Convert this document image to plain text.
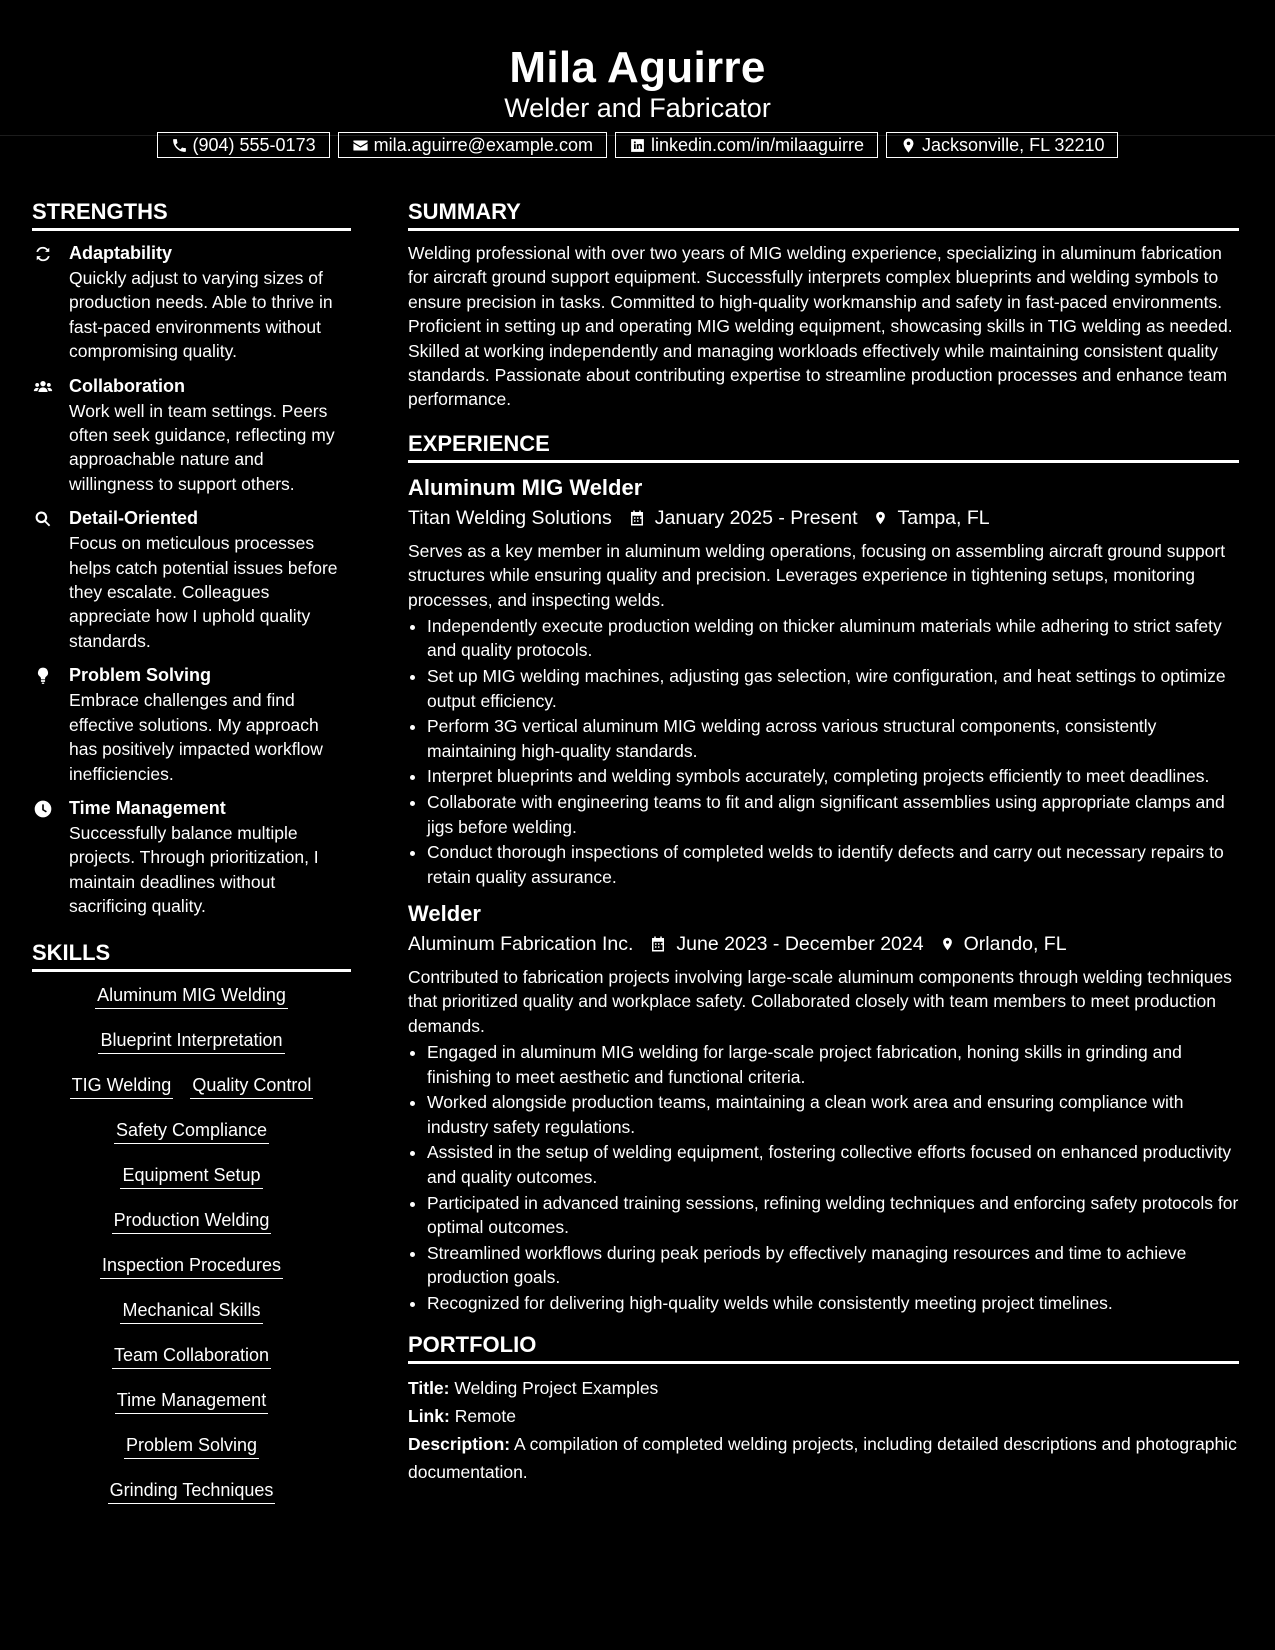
Mila Aguirre
Welder and Fabricator
(904) 555-0173	mila.aguirre@example.com	linkedin.com/in/milaaguirre	Jacksonville, FL 32210
STRENGTHS
Adaptability
Quickly adjust to varying sizes of production needs. Able to thrive in fast-paced environments without compromising quality.
Collaboration
Work well in team settings. Peers often seek guidance, reflecting my approachable nature and willingness to support others.
Detail-Oriented
Focus on meticulous processes helps catch potential issues before they escalate. Colleagues appreciate how I uphold quality standards.
Problem Solving
Embrace challenges and find effective solutions. My approach has positively impacted workflow inefficiencies.
Time Management
Successfully balance multiple projects. Through prioritization, I maintain deadlines without sacrificing quality.
SKILLS
Aluminum MIG Welding
Blueprint Interpretation
TIG Welding Quality Control
Safety Compliance
Equipment Setup
Production Welding
Inspection Procedures
Mechanical Skills
Team Collaboration
Time Management
Problem Solving
Grinding Techniques
SUMMARY
Welding professional with over two years of MIG welding experience, specializing in aluminum fabrication for aircraft ground support equipment. Successfully interprets complex blueprints and welding symbols to ensure precision in tasks. Committed to high-quality workmanship and safety in fast-paced environments. Proficient in setting up and operating MIG welding equipment, showcasing skills in TIG welding as needed. Skilled at working independently and managing workloads effectively while maintaining consistent quality standards. Passionate about contributing expertise to streamline production processes and enhance team performance.
EXPERIENCE
Aluminum MIG Welder
Titan Welding Solutions January 2025 - Present Tampa, FL
Serves as a key member in aluminum welding operations, focusing on assembling aircraft ground support structures while ensuring quality and precision. Leverages experience in tightening setups, monitoring processes, and inspecting welds.
• Independently execute production welding on thicker aluminum materials while adhering to strict safety and quality protocols.
• Set up MIG welding machines, adjusting gas selection, wire configuration, and heat settings to optimize output efficiency.
• Perform 3G vertical aluminum MIG welding across various structural components, consistently maintaining high-quality standards.
• Interpret blueprints and welding symbols accurately, completing projects efficiently to meet deadlines.
• Collaborate with engineering teams to fit and align significant assemblies using appropriate clamps and jigs before welding.
• Conduct thorough inspections of completed welds to identify defects and carry out necessary repairs to retain quality assurance.
Welder
Aluminum Fabrication Inc. June 2023 - December 2024 Orlando, FL
Contributed to fabrication projects involving large-scale aluminum components through welding techniques that prioritized quality and workplace safety. Collaborated closely with team members to meet production demands.
• Engaged in aluminum MIG welding for large-scale project fabrication, honing skills in grinding and finishing to meet aesthetic and functional criteria.
• Worked alongside production teams, maintaining a clean work area and ensuring compliance with industry safety regulations.
• Assisted in the setup of welding equipment, fostering collective efforts focused on enhanced productivity and quality outcomes.
• Participated in advanced training sessions, refining welding techniques and enforcing safety protocols for optimal outcomes.
• Streamlined workflows during peak periods by effectively managing resources and time to achieve production goals.
• Recognized for delivering high-quality welds while consistently meeting project timelines.
PORTFOLIO
Title: Welding Project Examples
Link: Remote
Description: A compilation of completed welding projects, including detailed descriptions and photographic documentation.
